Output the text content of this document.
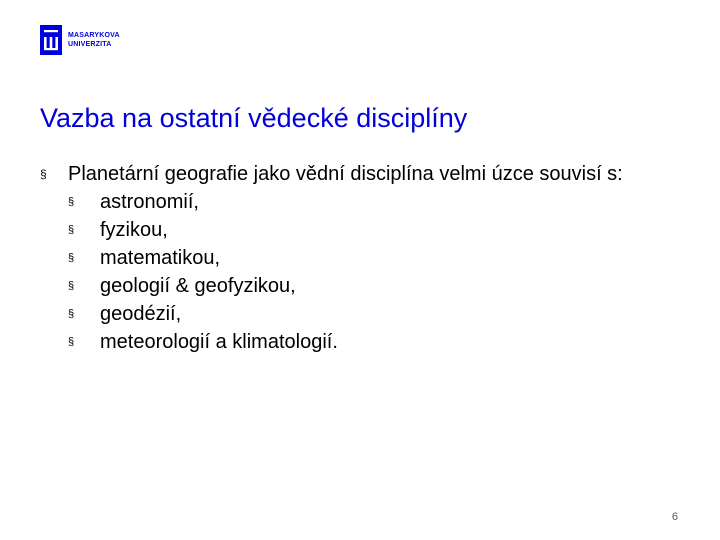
MASARYKOVA
UNIVERZITA
Vazba na ostatní vědecké disciplíny
§ Planetární geografie jako vědní disciplína velmi úzce souvisí s:
§ astronomií,
§ fyzikou,
§ matematikou,
§ geologií & geofyzikou,
§ geodézií,
§ meteorologií a klimatologií.
6
